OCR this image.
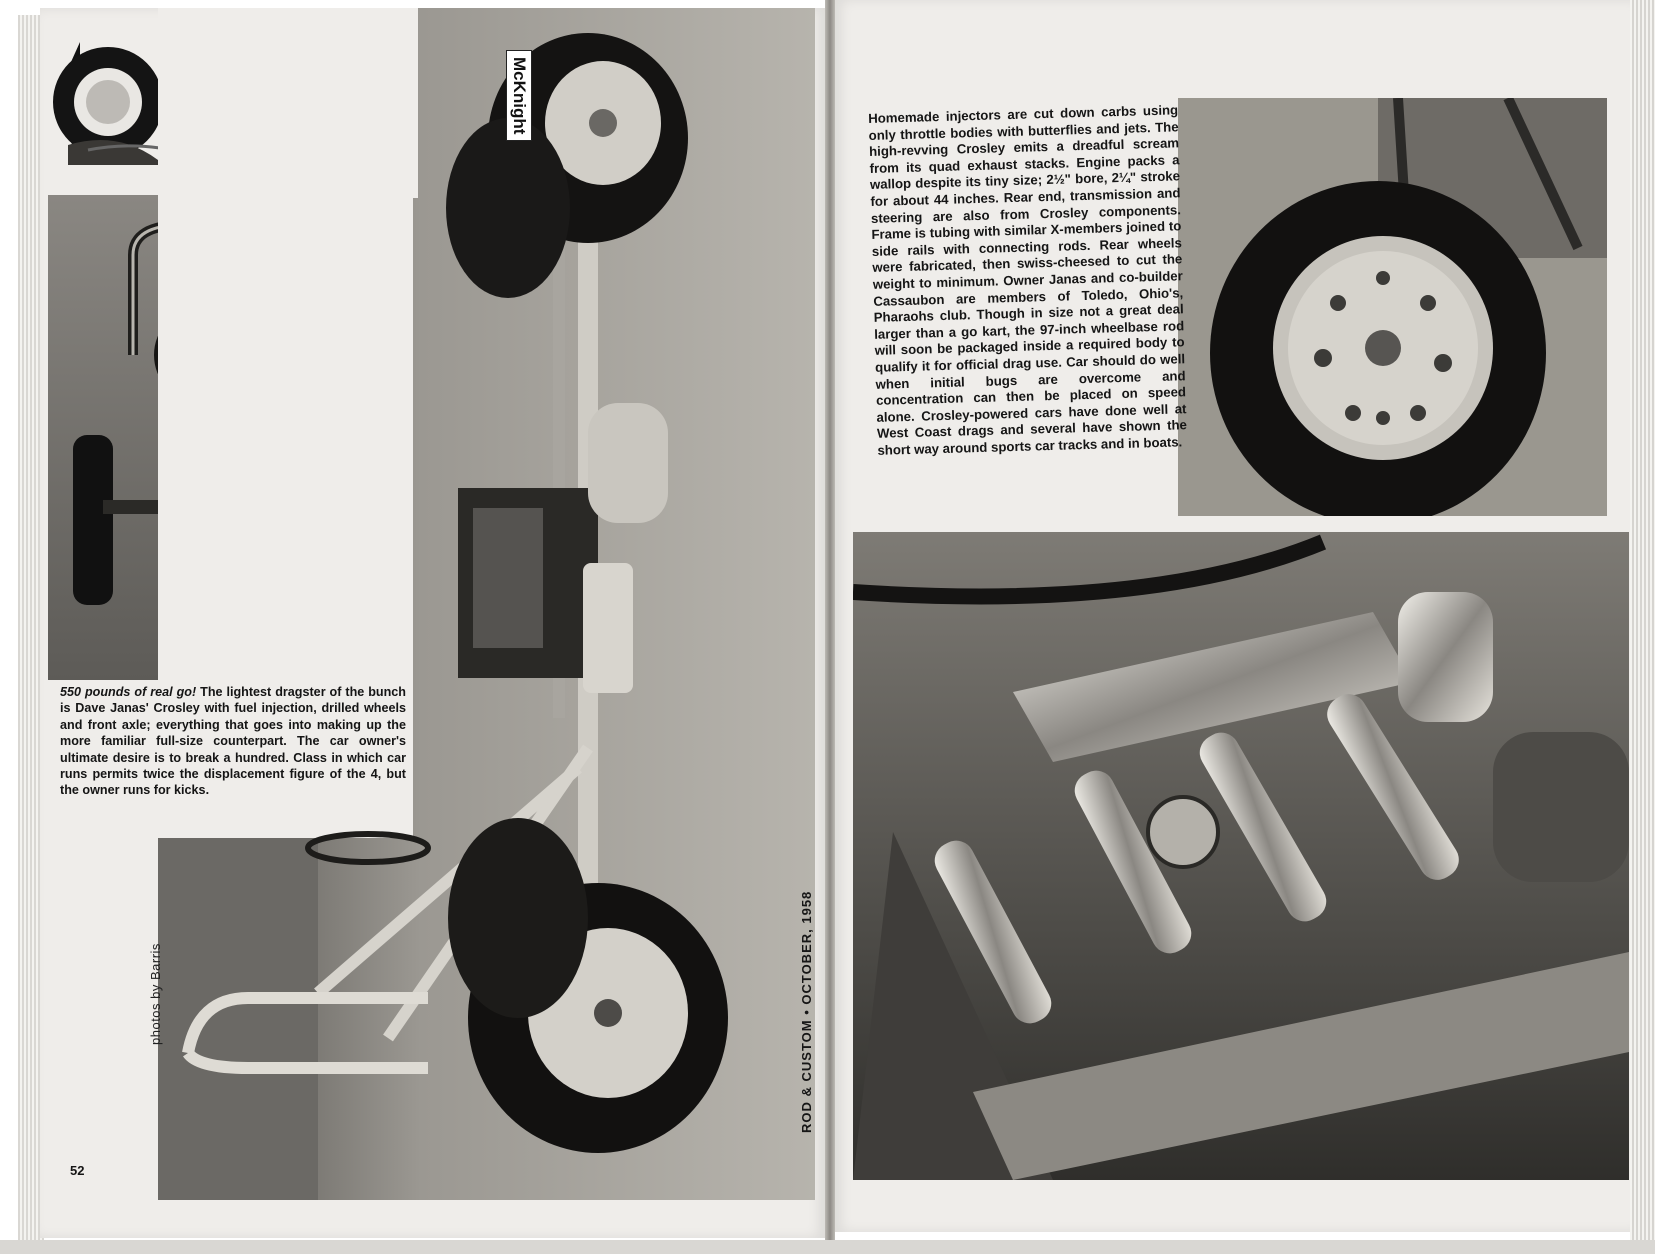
McKnight
550 pounds of real go! The lightest dragster of the bunch is Dave Janas' Crosley with fuel injection, drilled wheels and front axle; everything that goes into making up the more familiar full-size counterpart. The car owner's ultimate desire is to break a hundred. Class in which car runs permits twice the displacement figure of the 4, but the owner runs for kicks.
Homemade injectors are cut down carbs using only throttle bodies with butterflies and jets. The high-revving Crosley emits a dreadful scream from its quad exhaust stacks. Engine packs a wallop despite its tiny size; 2½" bore, 2¼" stroke for about 44 inches. Rear end, transmission and steering are also from Crosley components. Frame is tubing with similar X-members joined to side rails with connecting rods. Rear wheels were fabricated, then swiss-cheesed to cut the weight to minimum. Owner Janas and co-builder Cassaubon are members of Toledo, Ohio's, Pharaohs club. Though in size not a great deal larger than a go kart, the 97-inch wheelbase rod will soon be packaged inside a required body to qualify it for official drag use. Car should do well when initial bugs are overcome and concentration can then be placed on speed alone. Crosley-powered cars have done well at West Coast drags and several have shown the short way around sports car tracks and in boats.
photos by Barris	ROD & CUSTOM • OCTOBER, 1958
52
